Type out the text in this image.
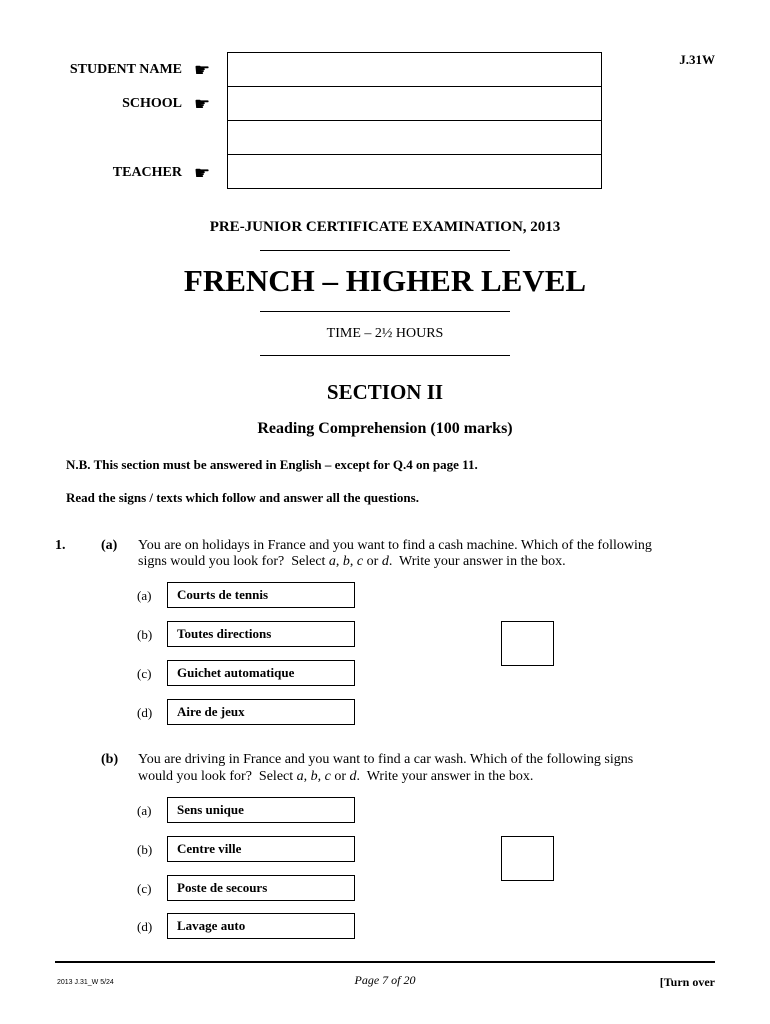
J.31W
STUDENT NAME ☛
SCHOOL ☛
TEACHER ☛
PRE-JUNIOR CERTIFICATE EXAMINATION, 2013
FRENCH – HIGHER LEVEL
TIME – 2½ HOURS
SECTION II
Reading Comprehension (100 marks)
N.B. This section must be answered in English – except for Q.4 on page 11.
Read the signs / texts which follow and answer all the questions.
1.	(a) You are on holidays in France and you want to find a cash machine. Which of the following
signs would you look for?  Select a, b, c or d.  Write your answer in the box.
(a)	Courts de tennis
(b)	Toutes directions
(c)	Guichet automatique
(d)	Aire de jeux
(b) You are driving in France and you want to find a car wash. Which of the following signs
would you look for?  Select a, b, c or d.  Write your answer in the box.
(a)	Sens unique
(b)	Centre ville
(c)	Poste de secours
(d)	Lavage auto
2013 J.31_W 5/24	Page 7 of 20	[Turn over
